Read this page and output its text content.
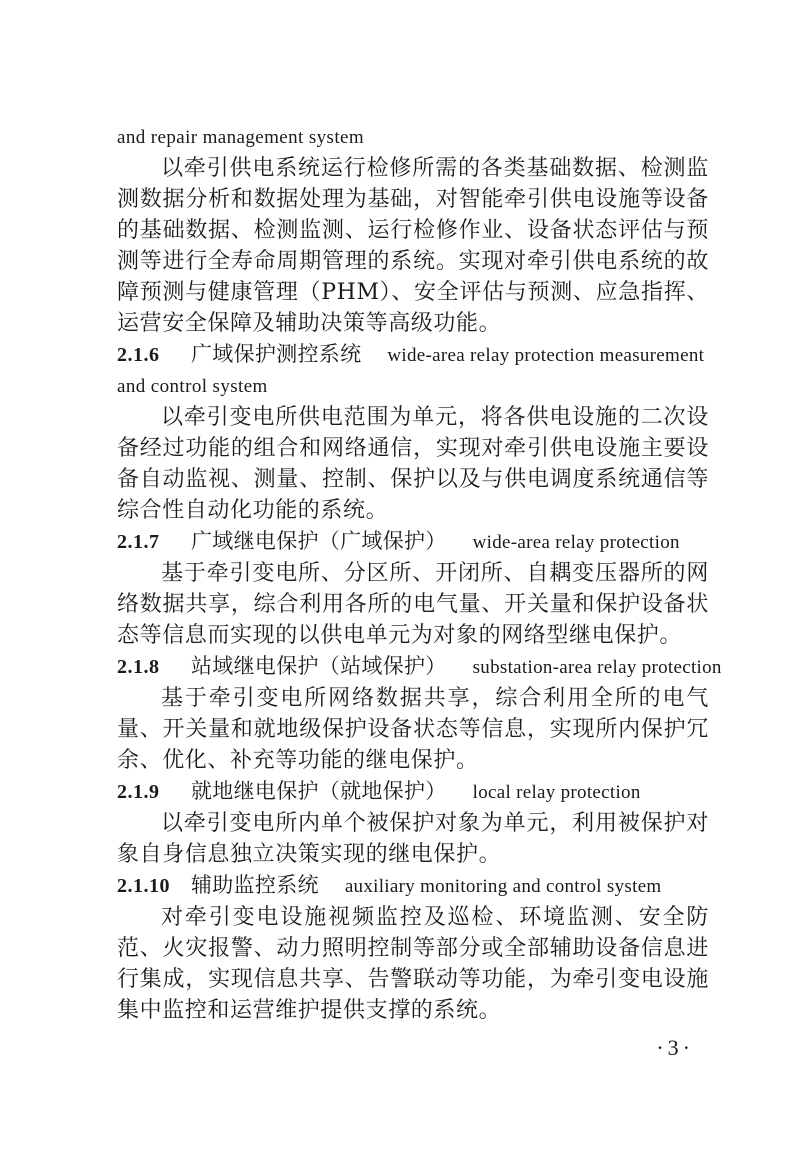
and repair management system

以牵引供电系统运行检修所需的各类基础数据、检测监测数据分析和数据处理为基础，对智能牵引供电设施等设备的基础数据、检测监测、运行检修作业、设备状态评估与预测等进行全寿命周期管理的系统。实现对牵引供电系统的故障预测与健康管理（PHM）、安全评估与预测、应急指挥、运营安全保障及辅助决策等高级功能。

2.1.6	广域保护测控系统 wide-area relay protection measurement
and control system

以牵引变电所供电范围为单元，将各供电设施的二次设备经过功能的组合和网络通信，实现对牵引供电设施主要设备自动监视、测量、控制、保护以及与供电调度系统通信等综合性自动化功能的系统。

2.1.7	广域继电保护（广域保护） wide-area relay protection

基于牵引变电所、分区所、开闭所、自耦变压器所的网络数据共享，综合利用各所的电气量、开关量和保护设备状态等信息而实现的以供电单元为对象的网络型继电保护。

2.1.8	站域继电保护（站域保护） substation-area relay protection

基于牵引变电所网络数据共享，综合利用全所的电气量、开关量和就地级保护设备状态等信息，实现所内保护冗余、优化、补充等功能的继电保护。

2.1.9	就地继电保护（就地保护） local relay protection

以牵引变电所内单个被保护对象为单元，利用被保护对象自身信息独立决策实现的继电保护。

2.1.10	辅助监控系统 auxiliary monitoring and control system

对牵引变电设施视频监控及巡检、环境监测、安全防范、火灾报警、动力照明控制等部分或全部辅助设备信息进行集成，实现信息共享、告警联动等功能，为牵引变电设施集中监控和运营维护提供支撑的系统。

·3·
